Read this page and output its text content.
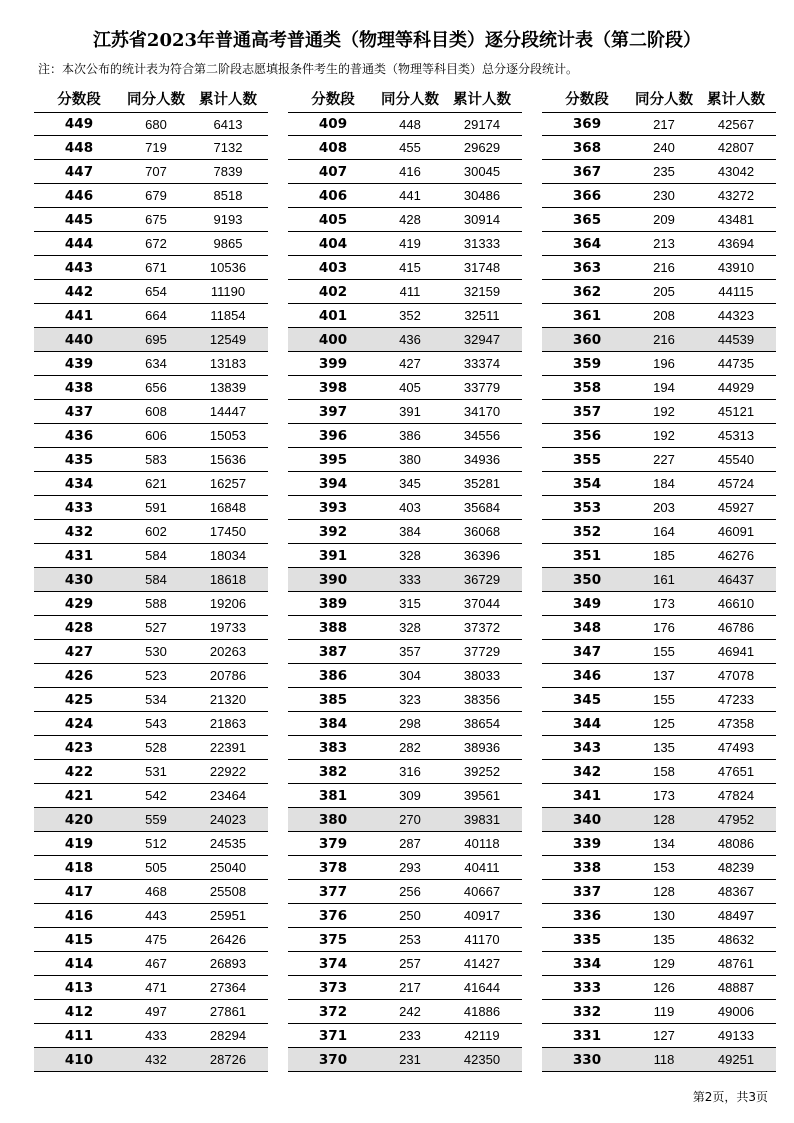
江苏省2023年普通高考普通类（物理等科目类）逐分段统计表（第二阶段）
注：本次公布的统计表为符合第二阶段志愿填报条件考生的普通类（物理等科目类）总分逐分段统计。
分数段	同分人数 累计人数
449	680	6413
448	719	7132
447	707	7839
446	679	8518
445	675	9193
444	672	9865
443	671	10536
442	654	11190
441	664	11854
440	695	12549
439	634	13183
438	656	13839
437	608	14447
436	606	15053
435	583	15636
434	621	16257
433	591	16848
432	602	17450
431	584	18034
430	584	18618
429	588	19206
428	527	19733
427	530	20263
426	523	20786
425	534	21320
424	543	21863
423	528	22391
422	531	22922
421	542	23464
420	559	24023
419	512	24535
418	505	25040
417	468	25508
416	443	25951
415	475	26426
414	467	26893
413	471	27364
412	497	27861
411	433	28294
410	432	28726
分数段	同分人数 累计人数
409	448	29174
408	455	29629
407	416	30045
406	441	30486
405	428	30914
404	419	31333
403	415	31748
402	411	32159
401	352	32511
400	436	32947
399	427	33374
398	405	33779
397	391	34170
396	386	34556
395	380	34936
394	345	35281
393	403	35684
392	384	36068
391	328	36396
390	333	36729
389	315	37044
388	328	37372
387	357	37729
386	304	38033
385	323	38356
384	298	38654
383	282	38936
382	316	39252
381	309	39561
380	270	39831
379	287	40118
378	293	40411
377	256	40667
376	250	40917
375	253	41170
374	257	41427
373	217	41644
372	242	41886
371	233	42119
370	231	42350
分数段	同分人数 累计人数
369	217	42567
368	240	42807
367	235	43042
366	230	43272
365	209	43481
364	213	43694
363	216	43910
362	205	44115
361	208	44323
360	216	44539
359	196	44735
358	194	44929
357	192	45121
356	192	45313
355	227	45540
354	184	45724
353	203	45927
352	164	46091
351	185	46276
350	161	46437
349	173	46610
348	176	46786
347	155	46941
346	137	47078
345	155	47233
344	125	47358
343	135	47493
342	158	47651
341	173	47824
340	128	47952
339	134	48086
338	153	48239
337	128	48367
336	130	48497
335	135	48632
334	129	48761
333	126	48887
332	119	49006
331	127	49133
330	118	49251
第2页，共3页
